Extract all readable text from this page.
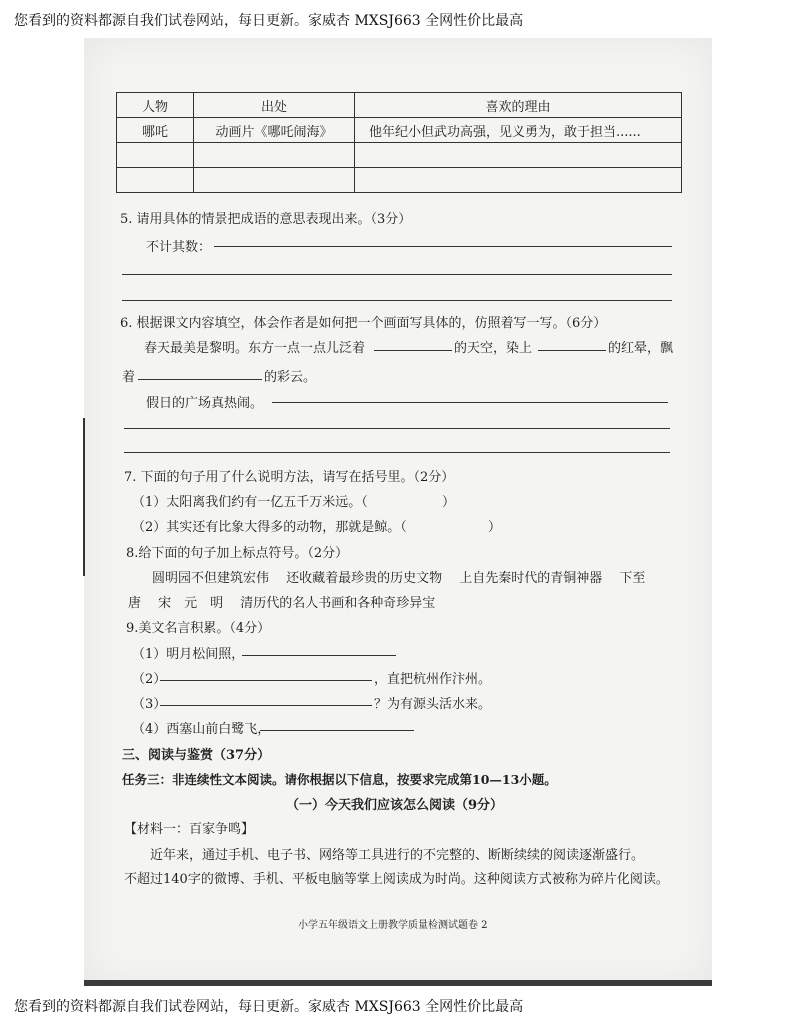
您看到的资料都源自我们试卷网站，每日更新。家威杏 MXSJ663 全网性价比最高
人物	出处	喜欢的理由
哪吒	动画片《哪吒闹海》	他年纪小但武功高强，见义勇为，敢于担当......

5. 请用具体的情景把成语的意思表现出来。（3分）
不计其数：
6. 根据课文内容填空，体会作者是如何把一个画面写具体的，仿照着写一写。（6分）
春天最美是黎明。东方一点一点儿泛着	的天空，染上	的红晕，飘
着	的彩云。
假日的广场真热闹。
7. 下面的句子用了什么说明方法，请写在括号里。（2分）
（1）太阳离我们约有一亿五千万米远。（	）
（2）其实还有比象大得多的动物，那就是鲸。（	）
8.给下面的句子加上标点符号。（2分）
圆明园不但建筑宏伟　 还收藏着最珍贵的历史文物　 上自先秦时代的青铜神器　 下至
唐　 宋　元　明　 清历代的名人书画和各种奇珍异宝
9.美文名言积累。（4分）
（1）明月松间照，
（2）	，直把杭州作汴州。
（3）	？为有源头活水来。
（4）西塞山前白鹭飞，
三、阅读与鉴赏（37分）
任务三：非连续性文本阅读。请你根据以下信息，按要求完成第10—13小题。
（一）今天我们应该怎么阅读（9分）
【材料一：百家争鸣】
近年来，通过手机、电子书、网络等工具进行的不完整的、断断续续的阅读逐渐盛行。
不超过140字的微博、手机、平板电脑等掌上阅读成为时尚。这种阅读方式被称为碎片化阅读。
小学五年级语文上册教学质量检测试题卷 2
您看到的资料都源自我们试卷网站，每日更新。家威杏 MXSJ663 全网性价比最高
